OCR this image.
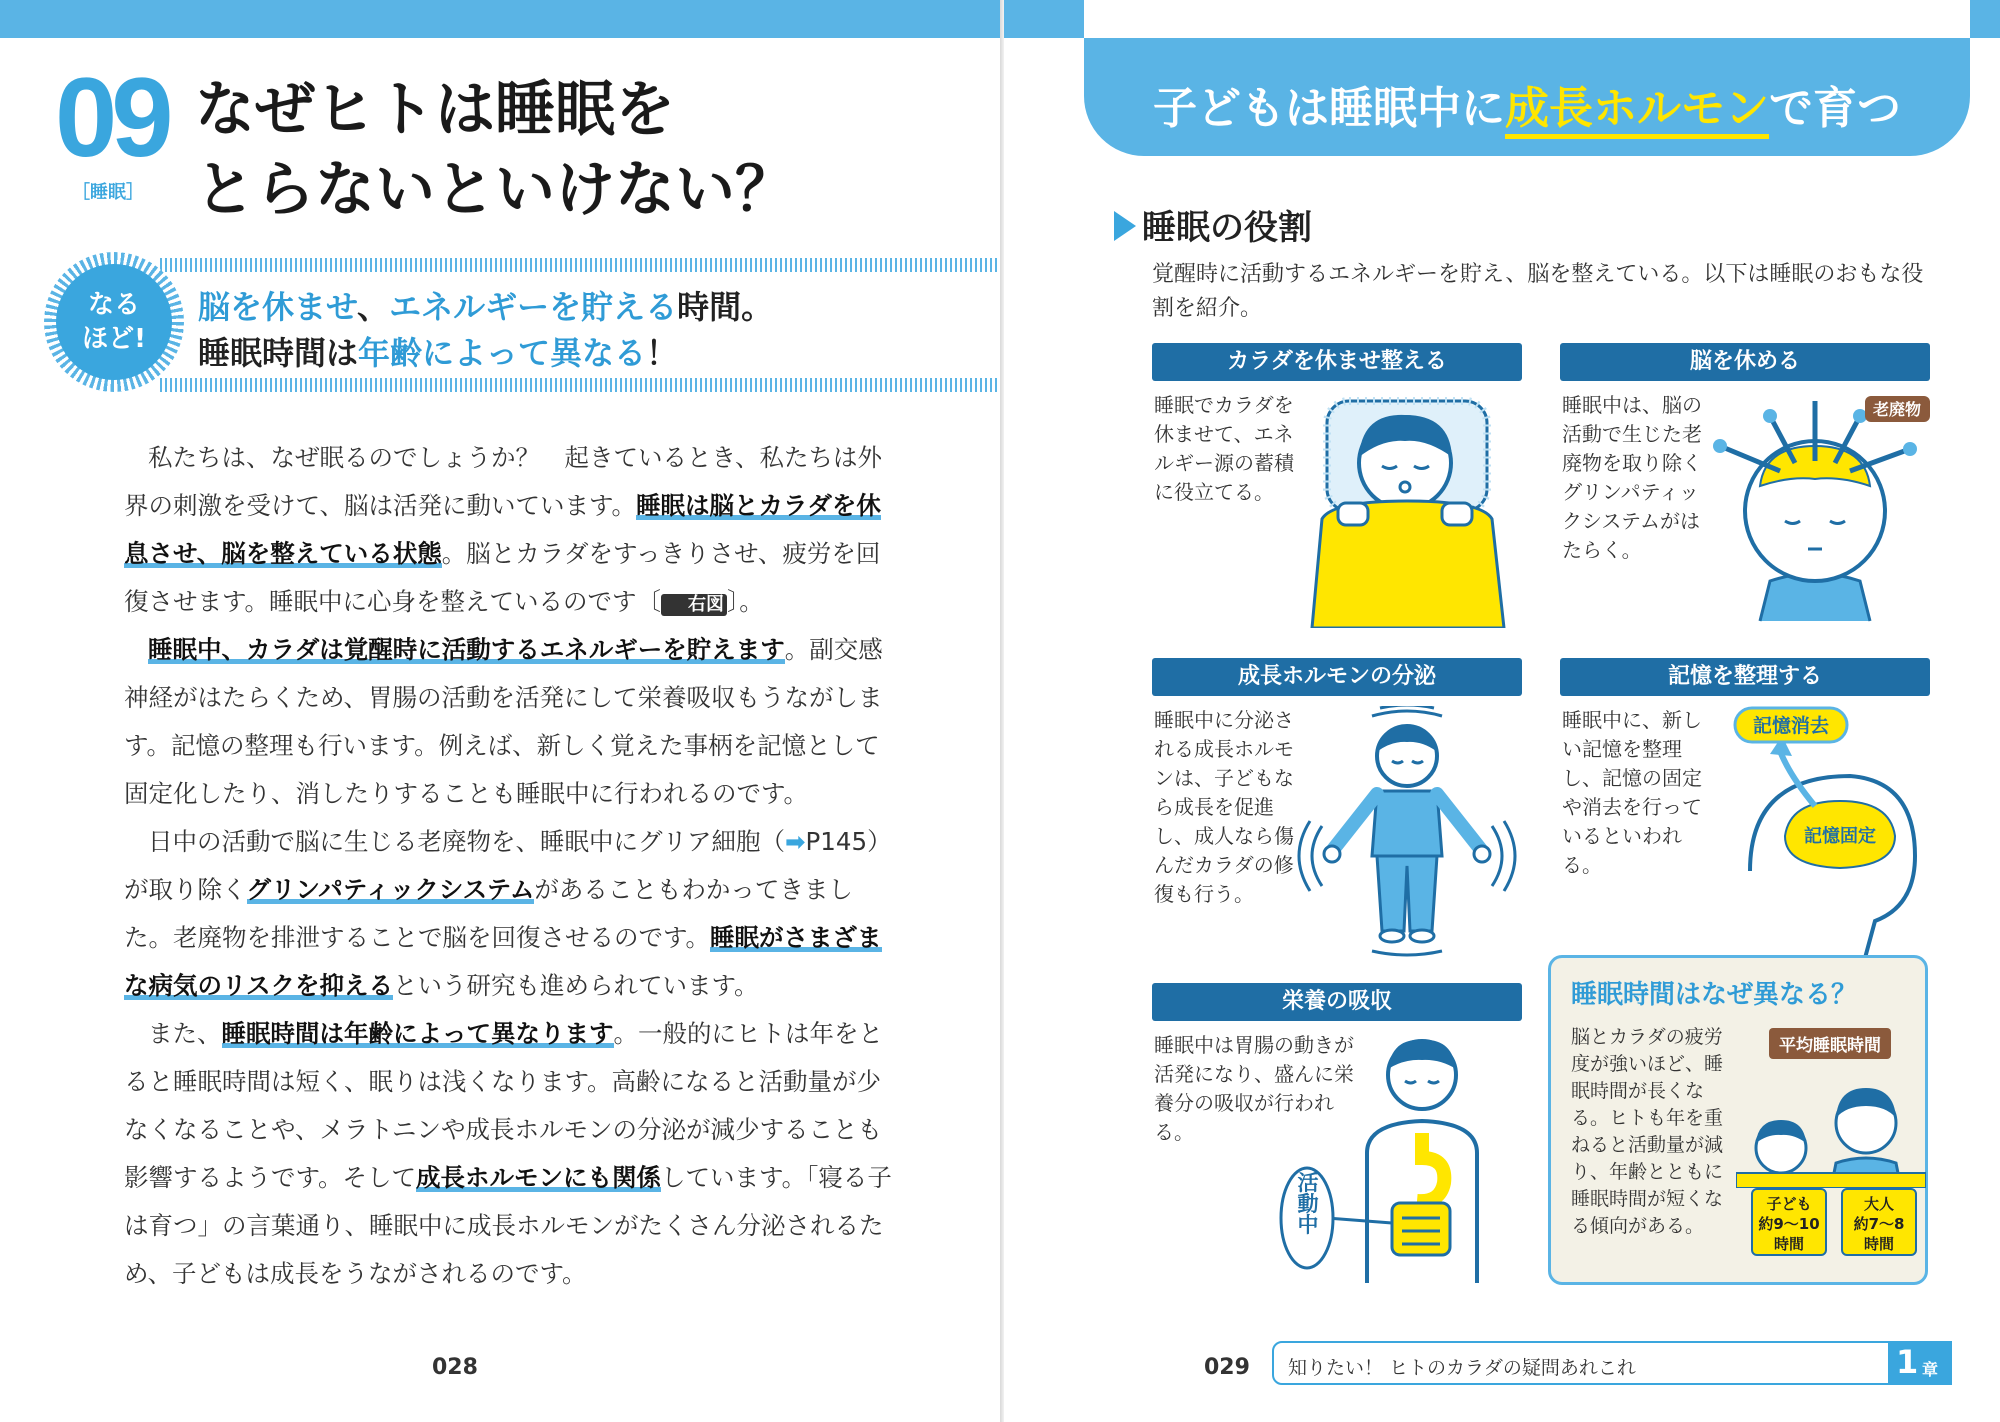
09
［睡眠］
なぜヒトは睡眠を
とらないといけない？
なる
ほど!
脳を休ませ、エネルギーを貯える時間。
睡眠時間は年齢によって異なる！

私たちは、なぜ眠るのでしょうか？　起きているとき、私たちは外界の刺激を受けて、脳は活発に動いています。睡眠は脳とカラダを休息させ、脳を整えている状態。脳とカラダをすっきりさせ、疲労を回復させます。睡眠中に心身を整えているのです〔 右図 〕。

睡眠中、カラダは覚醒時に活動するエネルギーを貯えます。副交感神経がはたらくため、胃腸の活動を活発にして栄養吸収もうながします。記憶の整理も行います。例えば、新しく覚えた事柄を記憶として固定化したり、消したりすることも睡眠中に行われるのです。

日中の活動で脳に生じる老廃物を、睡眠中にグリア細胞（➡P145）が取り除くグリンパティックシステムがあることもわかってきました。老廃物を排泄することで脳を回復させるのです。睡眠がさまざまな病気のリスクを抑えるという研究も進められています。

また、睡眠時間は年齢によって異なります。一般的にヒトは年をとると睡眠時間は短く、眠りは浅くなります。高齢になると活動量が少なくなることや、メラトニンや成長ホルモンの分泌が減少することも影響するようです。そして成長ホルモンにも関係しています。「寝る子は育つ」の言葉通り、睡眠中に成長ホルモンがたくさん分泌されるため、子どもは成長をうながされるのです。

028
子どもは睡眠中に成長ホルモンで育つ
睡眠の役割
覚醒時に活動するエネルギーを貯え、脳を整えている。以下は睡眠のおもな役割を紹介。
カラダを休ませ整える
睡眠でカラダを休ませて、エネルギー源の蓄積に役立てる。
脳を休める
睡眠中は、脳の活動で生じた老廃物を取り除くグリンパティックシステムがはたらく。
老廃物
成長ホルモンの分泌
睡眠中に分泌される成長ホルモンは、子どもなら成長を促進し、成人なら傷んだカラダの修復も行う。
記憶を整理する
睡眠中に、新しい記憶を整理し、記憶の固定や消去を行っているといわれる。
記憶固定
記憶消去
栄養の吸収
睡眠中は胃腸の動きが活発になり、盛んに栄養分の吸収が行われる。
活動中
睡眠時間はなぜ異なる？
脳とカラダの疲労度が強いほど、睡眠時間が長くなる。ヒトも年を重ねると活動量が減り、年齢とともに睡眠時間が短くなる傾向がある。
平均睡眠時間
子ども
約9〜10
時間
大人
約7〜8
時間
029 知りたい！ ヒトのカラダの疑問あれこれ	1 章
